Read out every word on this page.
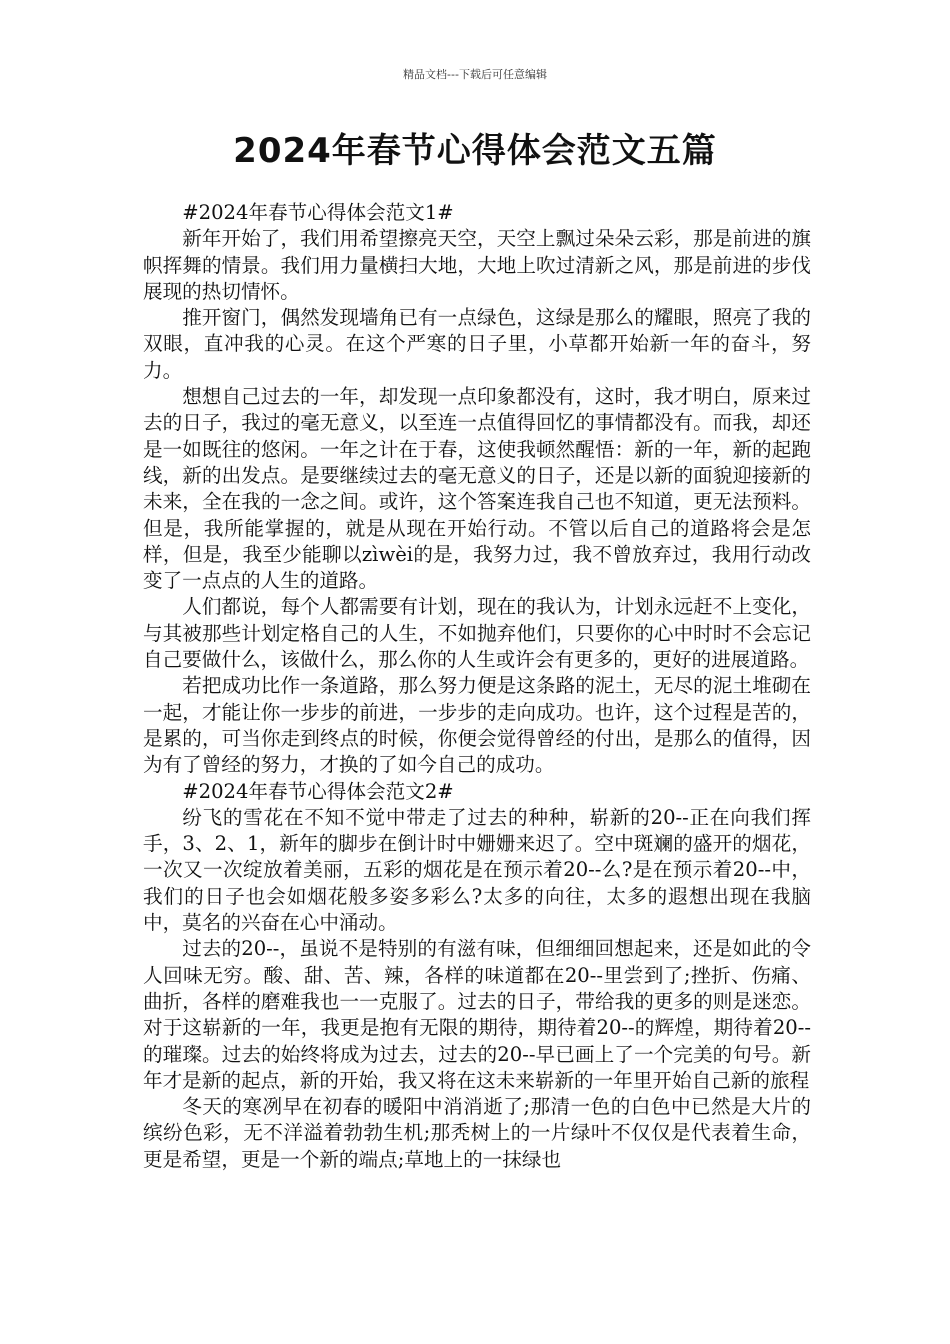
精品文档---下载后可任意编辑
2024年春节心得体会范文五篇

#2024年春节心得体会范文1#

新年开始了，我们用希望擦亮天空，天空上飘过朵朵云彩，那是前进的旗帜挥舞的情景。我们用力量横扫大地，大地上吹过清新之风，那是前进的步伐展现的热切情怀。

推开窗门，偶然发现墙角已有一点绿色，这绿是那么的耀眼，照亮了我的双眼，直冲我的心灵。在这个严寒的日子里，小草都开始新一年的奋斗，努力。

想想自己过去的一年，却发现一点印象都没有，这时，我才明白，原来过去的日子，我过的毫无意义，以至连一点值得回忆的事情都没有。而我，却还是一如既往的悠闲。一年之计在于春，这使我顿然醒悟：新的一年，新的起跑线，新的出发点。是要继续过去的毫无意义的日子，还是以新的面貌迎接新的未来，全在我的一念之间。或许，这个答案连我自己也不知道，更无法预料。但是，我所能掌握的，就是从现在开始行动。不管以后自己的道路将会是怎样，但是，我至少能聊以zìwèi的是，我努力过，我不曾放弃过，我用行动改变了一点点的人生的道路。

人们都说，每个人都需要有计划，现在的我认为，计划永远赶不上变化，与其被那些计划定格自己的人生，不如抛弃他们，只要你的心中时时不会忘记自己要做什么，该做什么，那么你的人生或许会有更多的，更好的进展道路。

若把成功比作一条道路，那么努力便是这条路的泥土，无尽的泥土堆砌在一起，才能让你一步步的前进，一步步的走向成功。也许，这个过程是苦的，是累的，可当你走到终点的时候，你便会觉得曾经的付出，是那么的值得，因为有了曾经的努力，才换的了如今自己的成功。

#2024年春节心得体会范文2#

纷飞的雪花在不知不觉中带走了过去的种种，崭新的20--正在向我们挥手，3、2、1，新年的脚步在倒计时中姗姗来迟了。空中斑斓的盛开的烟花，一次又一次绽放着美丽，五彩的烟花是在预示着20--么?是在预示着20--中，我们的日子也会如烟花般多姿多彩么?太多的向往，太多的遐想出现在我脑中，莫名的兴奋在心中涌动。

过去的20--，虽说不是特别的有滋有味，但细细回想起来，还是如此的令人回味无穷。酸、甜、苦、辣，各样的味道都在20--里尝到了;挫折、伤痛、曲折，各样的磨难我也一一克服了。过去的日子，带给我的更多的则是迷恋。对于这崭新的一年，我更是抱有无限的期待，期待着20--的辉煌，期待着20--的璀璨。过去的始终将成为过去，过去的20--早已画上了一个完美的句号。新年才是新的起点，新的开始，我又将在这未来崭新的一年里开始自己新的旅程

冬天的寒冽早在初春的暖阳中消消逝了;那清一色的白色中已然是大片的缤纷色彩，无不洋溢着勃勃生机;那秃树上的一片绿叶不仅仅是代表着生命，更是希望，更是一个新的端点;草地上的一抹绿也
